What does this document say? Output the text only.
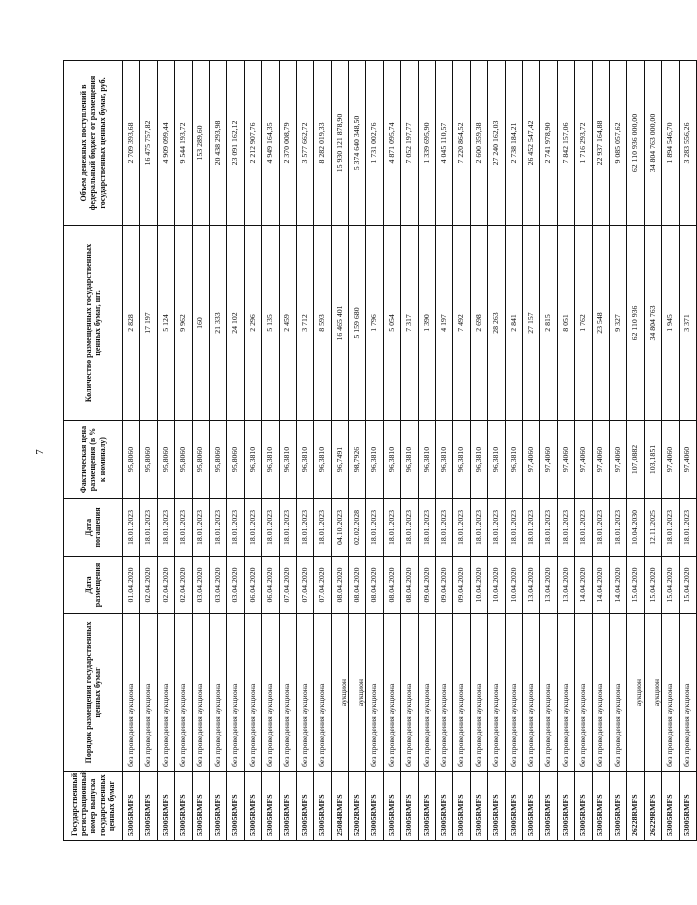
7
Государственный регистрационный номер выпуска государственных ценных бумаг	Порядок размещения государственных ценных бумаг	Дата размещения	Дата погашения	Фактическая цена размещения (в % к номиналу)	Количество размещенных государственных ценных бумаг, шт.	Объем денежных поступлений в федеральный бюджет от размещения государственных ценных бумаг, руб.
53005RMFS	без проведения аукциона	01.04.2020	18.01.2023	95,8060	2 828	2 709 393,68
53005RMFS	без проведения аукциона	02.04.2020	18.01.2023	95,8060	17 197	16 475 757,82
53005RMFS	без проведения аукциона	02.04.2020	18.01.2023	95,8060	5 124	4 909 099,44
53005RMFS	без проведения аукциона	02.04.2020	18.01.2023	95,8060	9 962	9 544 193,72
53005RMFS	без проведения аукциона	03.04.2020	18.01.2023	95,8060	160	153 289,60
53005RMFS	без проведения аукциона	03.04.2020	18.01.2023	95,8060	21 333	20 438 293,98
53005RMFS	без проведения аукциона	03.04.2020	18.01.2023	95,8060	24 102	23 091 162,12
53005RMFS	без проведения аукциона	06.04.2020	18.01.2023	96,3810	2 296	2 212 907,76
53005RMFS	без проведения аукциона	06.04.2020	18.01.2023	96,3810	5 135	4 949 164,35
53005RMFS	без проведения аукциона	07.04.2020	18.01.2023	96,3810	2 459	2 370 008,79
53005RMFS	без проведения аукциона	07.04.2020	18.01.2023	96,3810	3 712	3 577 662,72
53005RMFS	без проведения аукциона	07.04.2020	18.01.2023	96,3810	8 593	8 282 019,33
25084RMFS	аукцион	08.04.2020	04.10.2023	96,7491	16 465 401	15 930 121 878,90
52002RMFS	аукцион	08.04.2020	02.02.2028	98,7926	5 159 680	5 374 640 348,50
53005RMFS	без проведения аукциона	08.04.2020	18.01.2023	96,3810	1 796	1 731 002,76
53005RMFS	без проведения аукциона	08.04.2020	18.01.2023	96,3810	5 054	4 871 095,74
53005RMFS	без проведения аукциона	08.04.2020	18.01.2023	96,3810	7 317	7 052 197,77
53005RMFS	без проведения аукциона	09.04.2020	18.01.2023	96,3810	1 390	1 339 695,90
53005RMFS	без проведения аукциона	09.04.2020	18.01.2023	96,3810	4 197	4 045 110,57
53005RMFS	без проведения аукциона	09.04.2020	18.01.2023	96,3810	7 492	7 220 864,52
53005RMFS	без проведения аукциона	10.04.2020	18.01.2023	96,3810	2 698	2 600 359,38
53005RMFS	без проведения аукциона	10.04.2020	18.01.2023	96,3810	28 263	27 240 162,03
53005RMFS	без проведения аукциона	10.04.2020	18.01.2023	96,3810	2 841	2 738 184,21
53005RMFS	без проведения аукциона	13.04.2020	18.01.2023	97,4060	27 157	26 452 547,42
53005RMFS	без проведения аукциона	13.04.2020	18.01.2023	97,4060	2 815	2 741 978,90
53005RMFS	без проведения аукциона	13.04.2020	18.01.2023	97,4060	8 051	7 842 157,06
53005RMFS	без проведения аукциона	14.04.2020	18.01.2023	97,4060	1 762	1 716 293,72
53005RMFS	без проведения аукциона	14.04.2020	18.01.2023	97,4060	23 548	22 937 164,88
53005RMFS	без проведения аукциона	14.04.2020	18.01.2023	97,4060	9 327	9 085 057,62
26228RMFS	аукцион	15.04.2020	10.04.2030	107,0882	62 110 936	62 110 936 000,00
26229RMFS	аукцион	15.04.2020	12.11.2025	103,1851	34 804 763	34 804 763 000,00
53005RMFS	без проведения аукциона	15.04.2020	18.01.2023	97,4060	1 945	1 894 546,70
53005RMFS	без проведения аукциона	15.04.2020	18.01.2023	97,4060	3 371	3 283 556,26
